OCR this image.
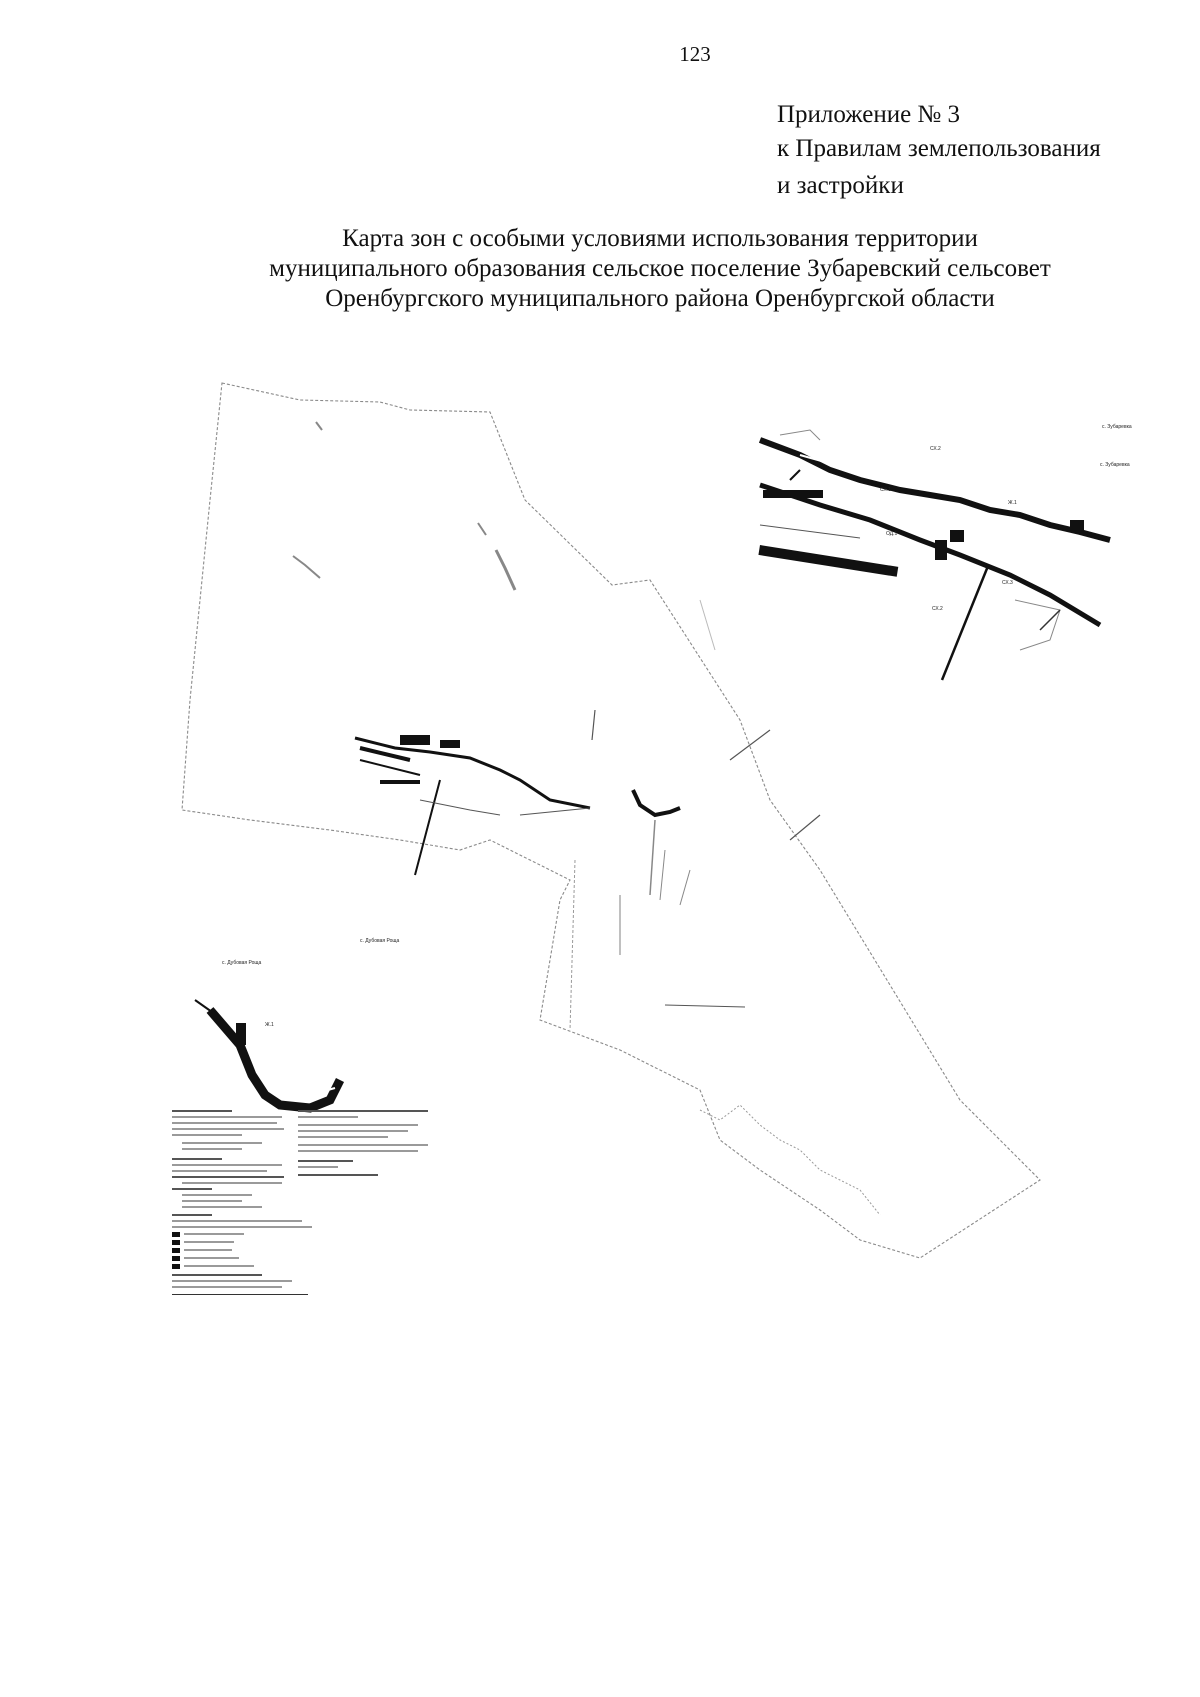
123
Приложение № 3
к Правилам землепользования
и застройки
Карта зон с особыми условиями использования территории
муниципального образования сельское поселение Зубаревский сельсовет
Оренбургского муниципального района Оренбургской области
с. Зубаревка
с. Зубаревка
с. Дубовая Роща
с. Дубовая Роща
СХ.2
СХ.1
Ж.1
ОД.1
СХ.2
СХ.3
Ж.1
